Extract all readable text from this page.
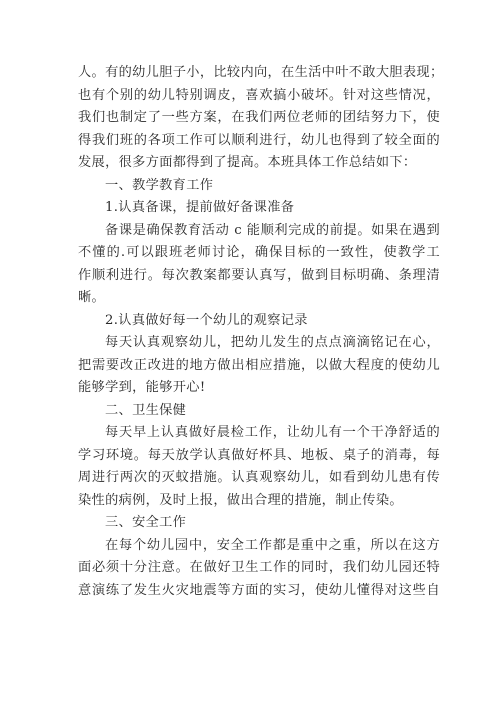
人。有的幼儿胆子小，比较内向，在生活中叶不敢大胆表现；
也有个别的幼儿特别调皮，喜欢搞小破坏。针对这些情况，
我们也制定了一些方案，在我们两位老师的团结努力下，使
得我们班的各项工作可以顺利进行，幼儿也得到了较全面的
发展，很多方面都得到了提高。本班具体工作总结如下：
一、教学教育工作
1.认真备课，提前做好备课准备
备课是确保教育活动 c 能顺利完成的前提。如果在遇到
不懂的.可以跟班老师讨论，确保目标的一致性，使教学工
作顺利进行。每次教案都要认真写，做到目标明确、条理清
晰。
2.认真做好每一个幼儿的观察记录
每天认真观察幼儿，把幼儿发生的点点滴滴铭记在心，
把需要改正改进的地方做出相应措施，以做大程度的使幼儿
能够学到，能够开心!
二、卫生保健
每天早上认真做好晨检工作，让幼儿有一个干净舒适的
学习环境。每天放学认真做好杯具、地板、桌子的消毒，每
周进行两次的灭蚊措施。认真观察幼儿，如看到幼儿患有传
染性的病例，及时上报，做出合理的措施，制止传染。
三、安全工作
在每个幼儿园中，安全工作都是重中之重，所以在这方
面必须十分注意。在做好卫生工作的同时，我们幼儿园还特
意演练了发生火灾地震等方面的实习，使幼儿懂得对这些自
